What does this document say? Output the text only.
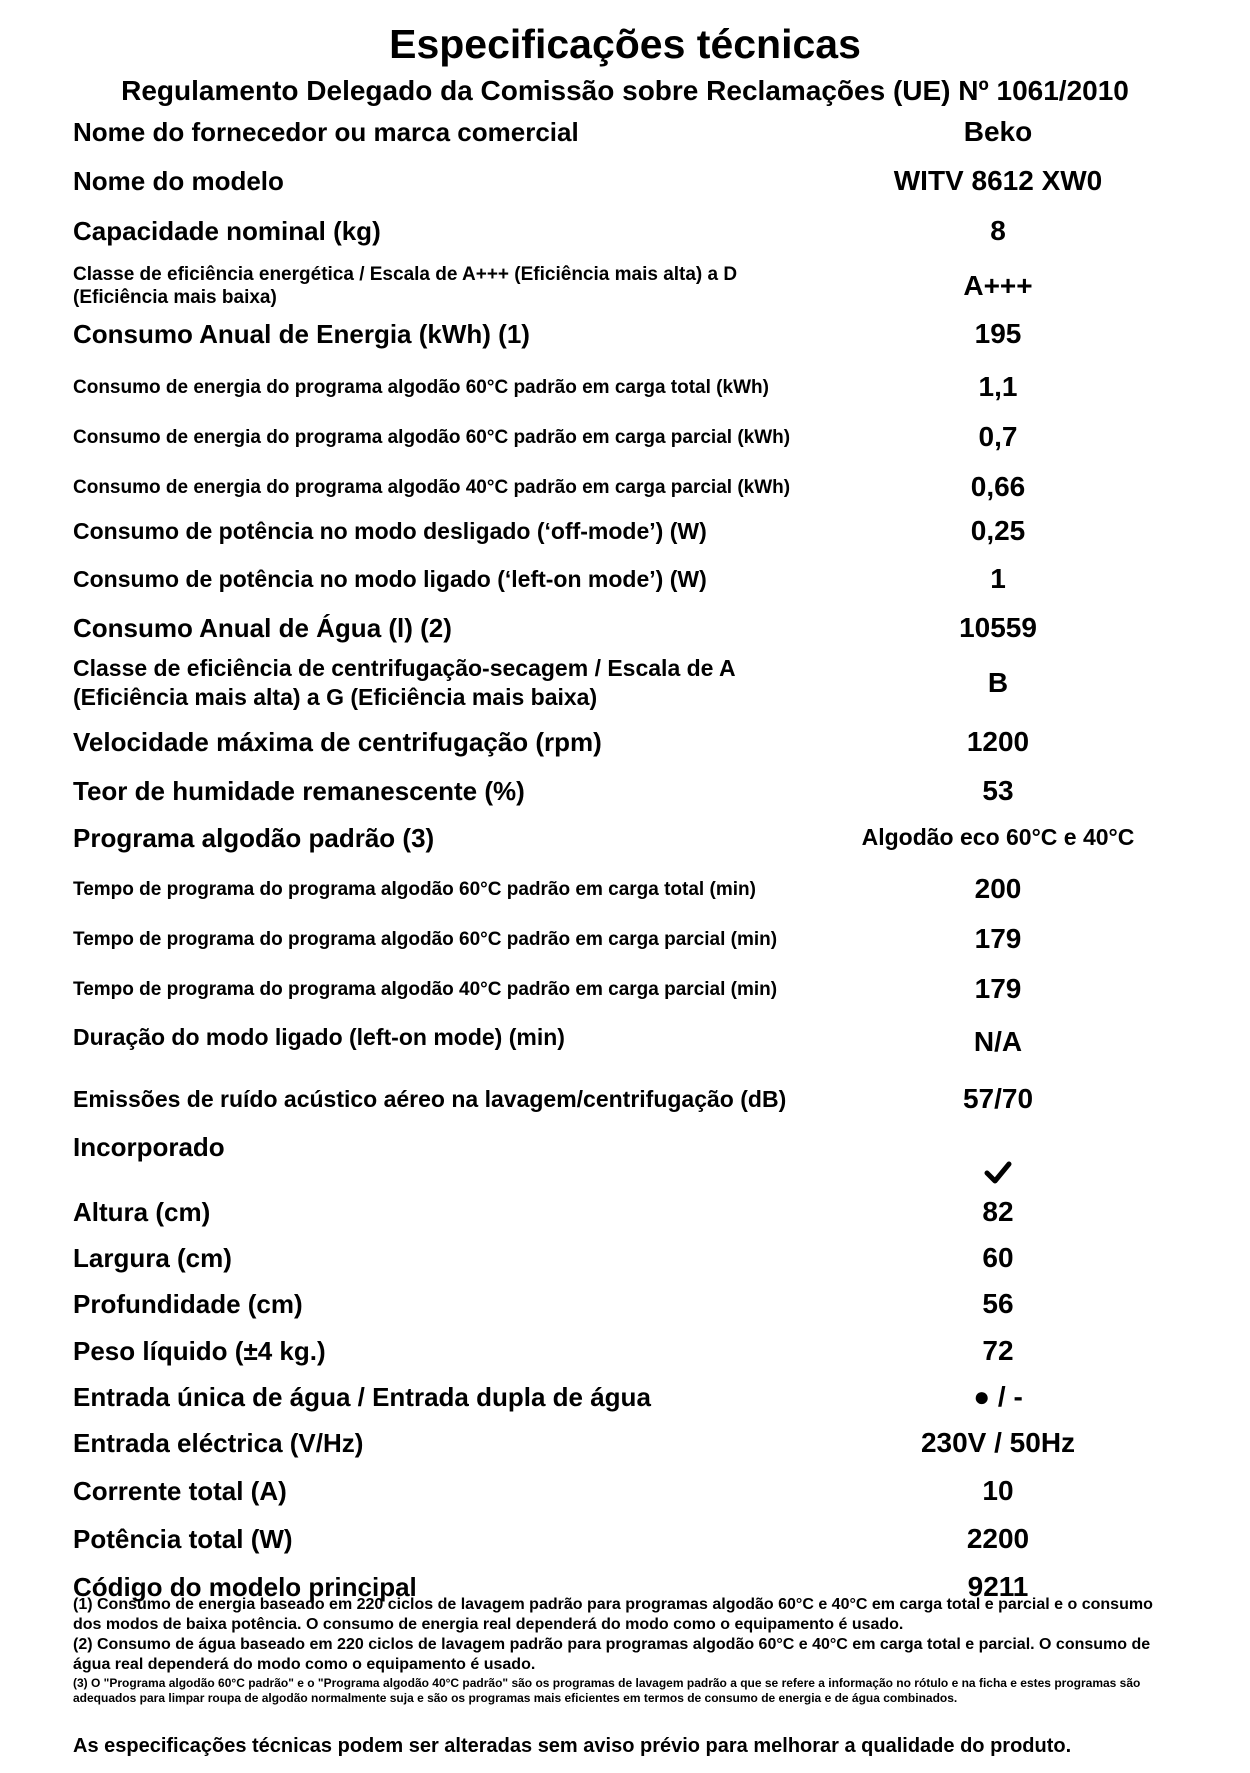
Especificações técnicas
Regulamento Delegado da Comissão sobre Reclamações (UE) Nº 1061/2010
Nome do fornecedor ou marca comercial	Beko
Nome do modelo	WITV 8612 XW0
Capacidade nominal (kg)	8
Classe de eficiência energética / Escala de A+++ (Eficiência mais alta) a D (Eficiência mais baixa)	A+++
Consumo Anual de Energia (kWh) (1)	195
Consumo de energia do programa algodão 60°C padrão em carga total (kWh)	1,1
Consumo de energia do programa algodão 60°C padrão em carga parcial (kWh)	0,7
Consumo de energia do programa algodão 40°C padrão em carga parcial (kWh)	0,66
Consumo de potência no modo desligado (‘off-mode’) (W)	0,25
Consumo de potência no modo ligado (‘left-on mode’) (W)	1
Consumo Anual de Água (l) (2)	10559
Classe de eficiência de centrifugação-secagem / Escala de A (Eficiência mais alta) a G (Eficiência mais baixa)	B
Velocidade máxima de centrifugação (rpm)	1200
Teor de humidade remanescente (%)	53
Programa algodão padrão (3)	Algodão eco 60°C e 40°C
Tempo de programa do programa algodão 60°C padrão em carga total (min)	200
Tempo de programa do programa algodão 60°C padrão em carga parcial (min)	179
Tempo de programa do programa algodão 40°C padrão em carga parcial (min)	179
Duração do modo ligado (left-on mode) (min)	N/A
Emissões de ruído acústico aéreo na lavagem/centrifugação (dB)	57/70
Incorporado
Altura (cm)	82
Largura (cm)	60
Profundidade (cm)	56
Peso líquido (±4 kg.)	72
Entrada única de água / Entrada dupla de água	● / -
Entrada eléctrica (V/Hz)	230V / 50Hz
Corrente total (A)	10
Potência total (W)	2200
Código do modelo principal	9211

(1) Consumo de energia baseado em 220 ciclos de lavagem padrão para programas algodão 60°C e 40°C em carga total e parcial e o consumo dos modos de baixa potência. O consumo de energia real dependerá do modo como o equipamento é usado.

(2) Consumo de água baseado em 220 ciclos de lavagem padrão para programas algodão 60°C e 40°C em carga total e parcial. O consumo de água real dependerá do modo como o equipamento é usado.

(3) O "Programa algodão 60°C padrão" e o "Programa algodão 40°C padrão" são os programas de lavagem padrão a que se refere a informação no rótulo e na ficha e estes programas são adequados para limpar roupa de algodão normalmente suja e são os programas mais eficientes em termos de consumo de energia e de água combinados.

As especificações técnicas podem ser alteradas sem aviso prévio para melhorar a qualidade do produto.
